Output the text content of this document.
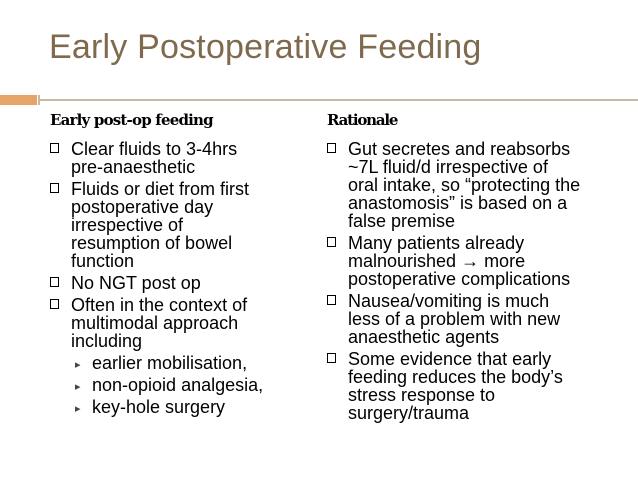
Early Postoperative Feeding
Early post-op feeding
Clear fluids to 3-4hrs
pre-anaesthetic
Fluids or diet from first
postoperative day
irrespective of
resumption of bowel
function
No NGT post op
Often in the context of
multimodal approach
including
▸ earlier mobilisation,
▸ non-opioid analgesia,
▸ key-hole surgery
Rationale
Gut secretes and reabsorbs
~7L fluid/d irrespective of
oral intake, so “protecting the
anastomosis” is based on a
false premise
Many patients already
malnourished → more
postoperative complications
Nausea/vomiting is much
less of a problem with new
anaesthetic agents
Some evidence that early
feeding reduces the body’s
stress response to
surgery/trauma
